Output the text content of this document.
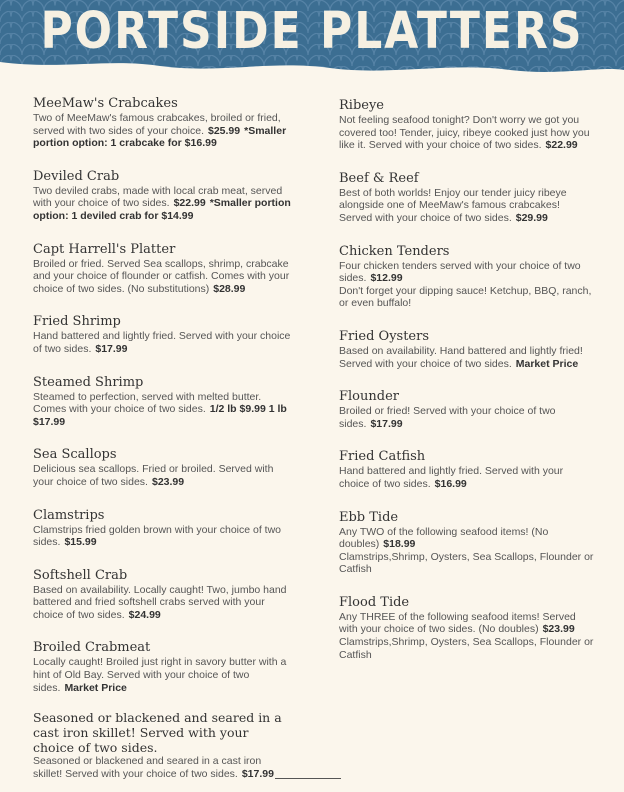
PORTSIDE PLATTERS

MeeMaw's Crabcakes

Two of MeeMaw's famous crabcakes, broiled or fried, served with two sides of your choice. $25.99 *Smaller portion option: 1 crabcake for $16.99

Deviled Crab

Two deviled crabs, made with local crab meat, served with your choice of two sides. $22.99 *Smaller portion option: 1 deviled crab for $14.99

Capt Harrell's Platter

Broiled or fried. Served Sea scallops, shrimp, crabcake and your choice of flounder or catfish. Comes with your choice of two sides. (No substitutions) $28.99

Fried Shrimp

Hand battered and lightly fried. Served with your choice of two sides. $17.99

Steamed Shrimp

Steamed to perfection, served with melted butter. Comes with your choice of two sides. 1/2 lb $9.99 1 lb $17.99

Sea Scallops

Delicious sea scallops. Fried or broiled. Served with your choice of two sides. $23.99

Clamstrips

Clamstrips fried golden brown with your choice of two sides. $15.99

Softshell Crab

Based on availability. Locally caught! Two, jumbo hand battered and fried softshell crabs served with your choice of two sides. $24.99

Broiled Crabmeat

Locally caught! Broiled just right in savory butter with a hint of Old Bay. Served with your choice of two sides. Market Price

Seasoned or blackened and seared in a cast iron skillet! Served with your choice of two sides.

Seasoned or blackened and seared in a cast iron skillet! Served with your choice of two sides. $17.99

Ribeye

Not feeling seafood tonight? Don't worry we got you covered too! Tender, juicy, ribeye cooked just how you like it. Served with your choice of two sides. $22.99

Beef & Reef

Best of both worlds! Enjoy our tender juicy ribeye alongside one of MeeMaw's famous crabcakes! Served with your choice of two sides. $29.99

Chicken Tenders

Four chicken tenders served with your choice of two sides. $12.99

Don't forget your dipping sauce! Ketchup, BBQ, ranch, or even buffalo!

Fried Oysters

Based on availability. Hand battered and lightly fried! Served with your choice of two sides. Market Price

Flounder

Broiled or fried! Served with your choice of two sides. $17.99

Fried Catfish

Hand battered and lightly fried. Served with your choice of two sides. $16.99

Ebb Tide

Any TWO of the following seafood items! (No doubles) $18.99

Clamstrips,Shrimp, Oysters, Sea Scallops, Flounder or Catfish

Flood Tide

Any THREE of the following seafood items! Served with your choice of two sides. (No doubles) $23.99

Clamstrips,Shrimp, Oysters, Sea Scallops, Flounder or Catfish
